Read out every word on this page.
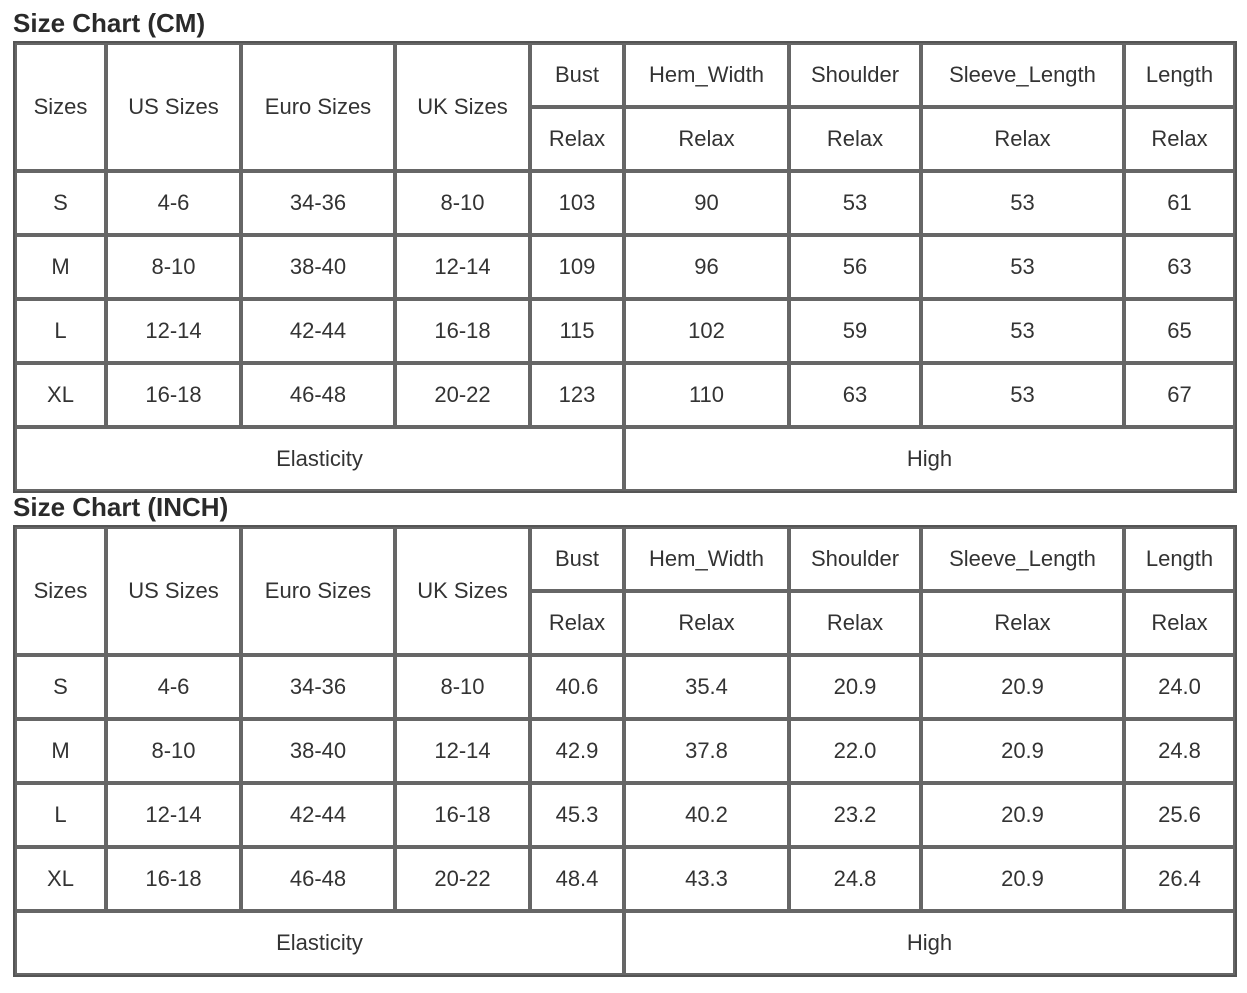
Size Chart (CM)
Sizes	US Sizes	Euro Sizes	UK Sizes	Bust	Hem_Width	Shoulder	Sleeve_Length	Length
				Relax	Relax	Relax	Relax	Relax
S	4-6	34-36	8-10	103	90	53	53	61
M	8-10	38-40	12-14	109	96	56	53	63
L	12-14	42-44	16-18	115	102	59	53	65
XL	16-18	46-48	20-22	123	110	63	53	67
Elasticity					High			
Size Chart (INCH)
Sizes	US Sizes	Euro Sizes	UK Sizes	Bust	Hem_Width	Shoulder	Sleeve_Length	Length
				Relax	Relax	Relax	Relax	Relax
S	4-6	34-36	8-10	40.6	35.4	20.9	20.9	24.0
M	8-10	38-40	12-14	42.9	37.8	22.0	20.9	24.8
L	12-14	42-44	16-18	45.3	40.2	23.2	20.9	25.6
XL	16-18	46-48	20-22	48.4	43.3	24.8	20.9	26.4
Elasticity					High			
